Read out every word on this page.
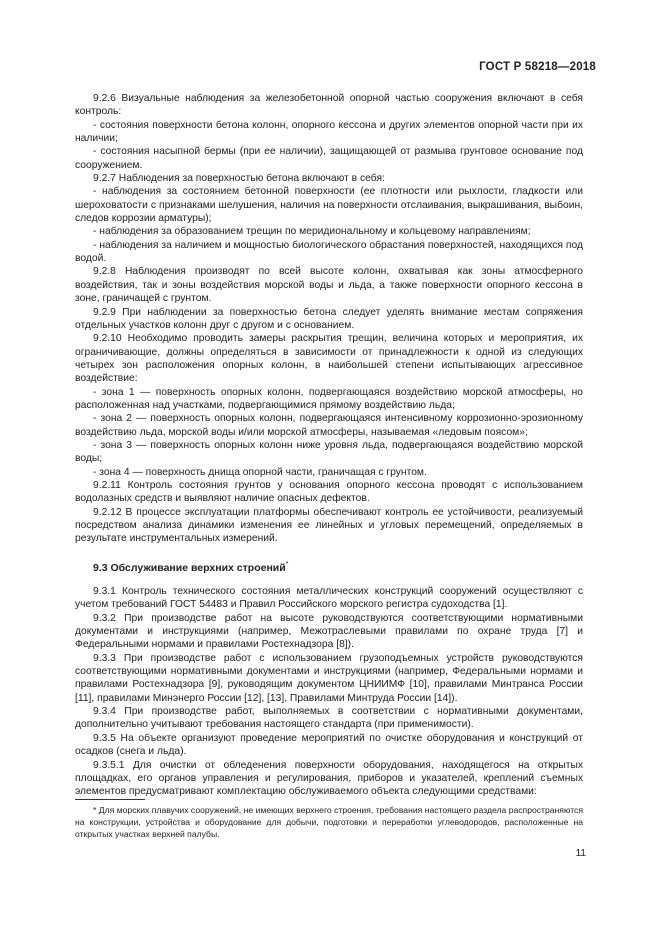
ГОСТ Р 58218—2018

9.2.6 Визуальные наблюдения за железобетонной опорной частью сооружения включают в себя контроль:

- состояния поверхности бетона колонн, опорного кессона и других элементов опорной части при их наличии;

- состояния насыпной бермы (при ее наличии), защищающей от размыва грунтовое основание под сооружением.

9.2.7 Наблюдения за поверхностью бетона включают в себя:

- наблюдения за состоянием бетонной поверхности (ее плотности или рыхлости, гладкости или шероховатости с признаками шелушения, наличия на поверхности отслаивания, выкрашивания, выбоин, следов коррозии арматуры);

- наблюдения за образованием трещин по меридиональному и кольцевому направлениям;

- наблюдения за наличием и мощностью биологического обрастания поверхностей, находящихся под водой.

9.2.8 Наблюдения производят по всей высоте колонн, охватывая как зоны атмосферного воздействия, так и зоны воздействия морской воды и льда, а также поверхности опорного кессона в зоне, граничащей с грунтом.

9.2.9 При наблюдении за поверхностью бетона следует уделять внимание местам сопряжения отдельных участков колонн друг с другом и с основанием.

9.2.10 Необходимо проводить замеры раскрытия трещин, величина которых и мероприятия, их ограничивающие, должны определяться в зависимости от принадлежности к одной из следующих четырех зон расположения опорных колонн, в наибольшей степени испытывающих агрессивное воздействие:

- зона 1 — поверхность опорных колонн, подвергающаяся воздействию морской атмосферы, но расположенная над участками, подвергающимися прямому воздействию льда;

- зона 2 — поверхность опорных колонн, подвергающаяся интенсивному коррозионно-эрозионному воздействию льда, морской воды и/или морской атмосферы, называемая «ледовым поясом»;

- зона 3 — поверхность опорных колонн ниже уровня льда, подвергающаяся воздействию морской воды;

- зона 4 — поверхность днища опорной части, граничащая с грунтом.

9.2.11 Контроль состояния грунтов у основания опорного кессона проводят с использованием водолазных средств и выявляют наличие опасных дефектов.

9.2.12 В процессе эксплуатации платформы обеспечивают контроль ее устойчивости, реализуемый посредством анализа динамики изменения ее линейных и угловых перемещений, определяемых в результате инструментальных измерений.

9.3 Обслуживание верхних строений*

9.3.1 Контроль технического состояния металлических конструкций сооружений осуществляют с учетом требований ГОСТ 54483 и Правил Российского морского регистра судоходства [1].

9.3.2 При производстве работ на высоте руководствуются соответствующими нормативными документами и инструкциями (например, Межотраслевыми правилами по охране труда [7] и Федеральными нормами и правилами Ростехнадзора [8]).

9.3.3 При производстве работ с использованием грузоподъемных устройств руководствуются соответствующими нормативными документами и инструкциями (например, Федеральными нормами и правилами Ростехнадзора [9], руководящим документом ЦНИИМФ [10], правилами Минтранса России [11], правилами Минэнерго России [12], [13], Правилами Минтруда России [14]).

9.3.4 При производстве работ, выполняемых в соответствии с нормативными документами, дополнительно учитывают требования настоящего стандарта (при применимости).

9.3.5 На объекте организуют проведение мероприятий по очистке оборудования и конструкций от осадков (снега и льда).

9.3.5.1 Для очистки от обледенения поверхности оборудования, находящегося на открытых площадках, его органов управления и регулирования, приборов и указателей, креплений съемных элементов предусматривают комплектацию обслуживаемого объекта следующими средствами:

* Для морских плавучих сооружений, не имеющих верхнего строения, требования настоящего раздела распространяются на конструкции, устройства и оборудование для добычи, подготовки и переработки углеводородов, расположенные на открытых участках верхней палубы.

11
